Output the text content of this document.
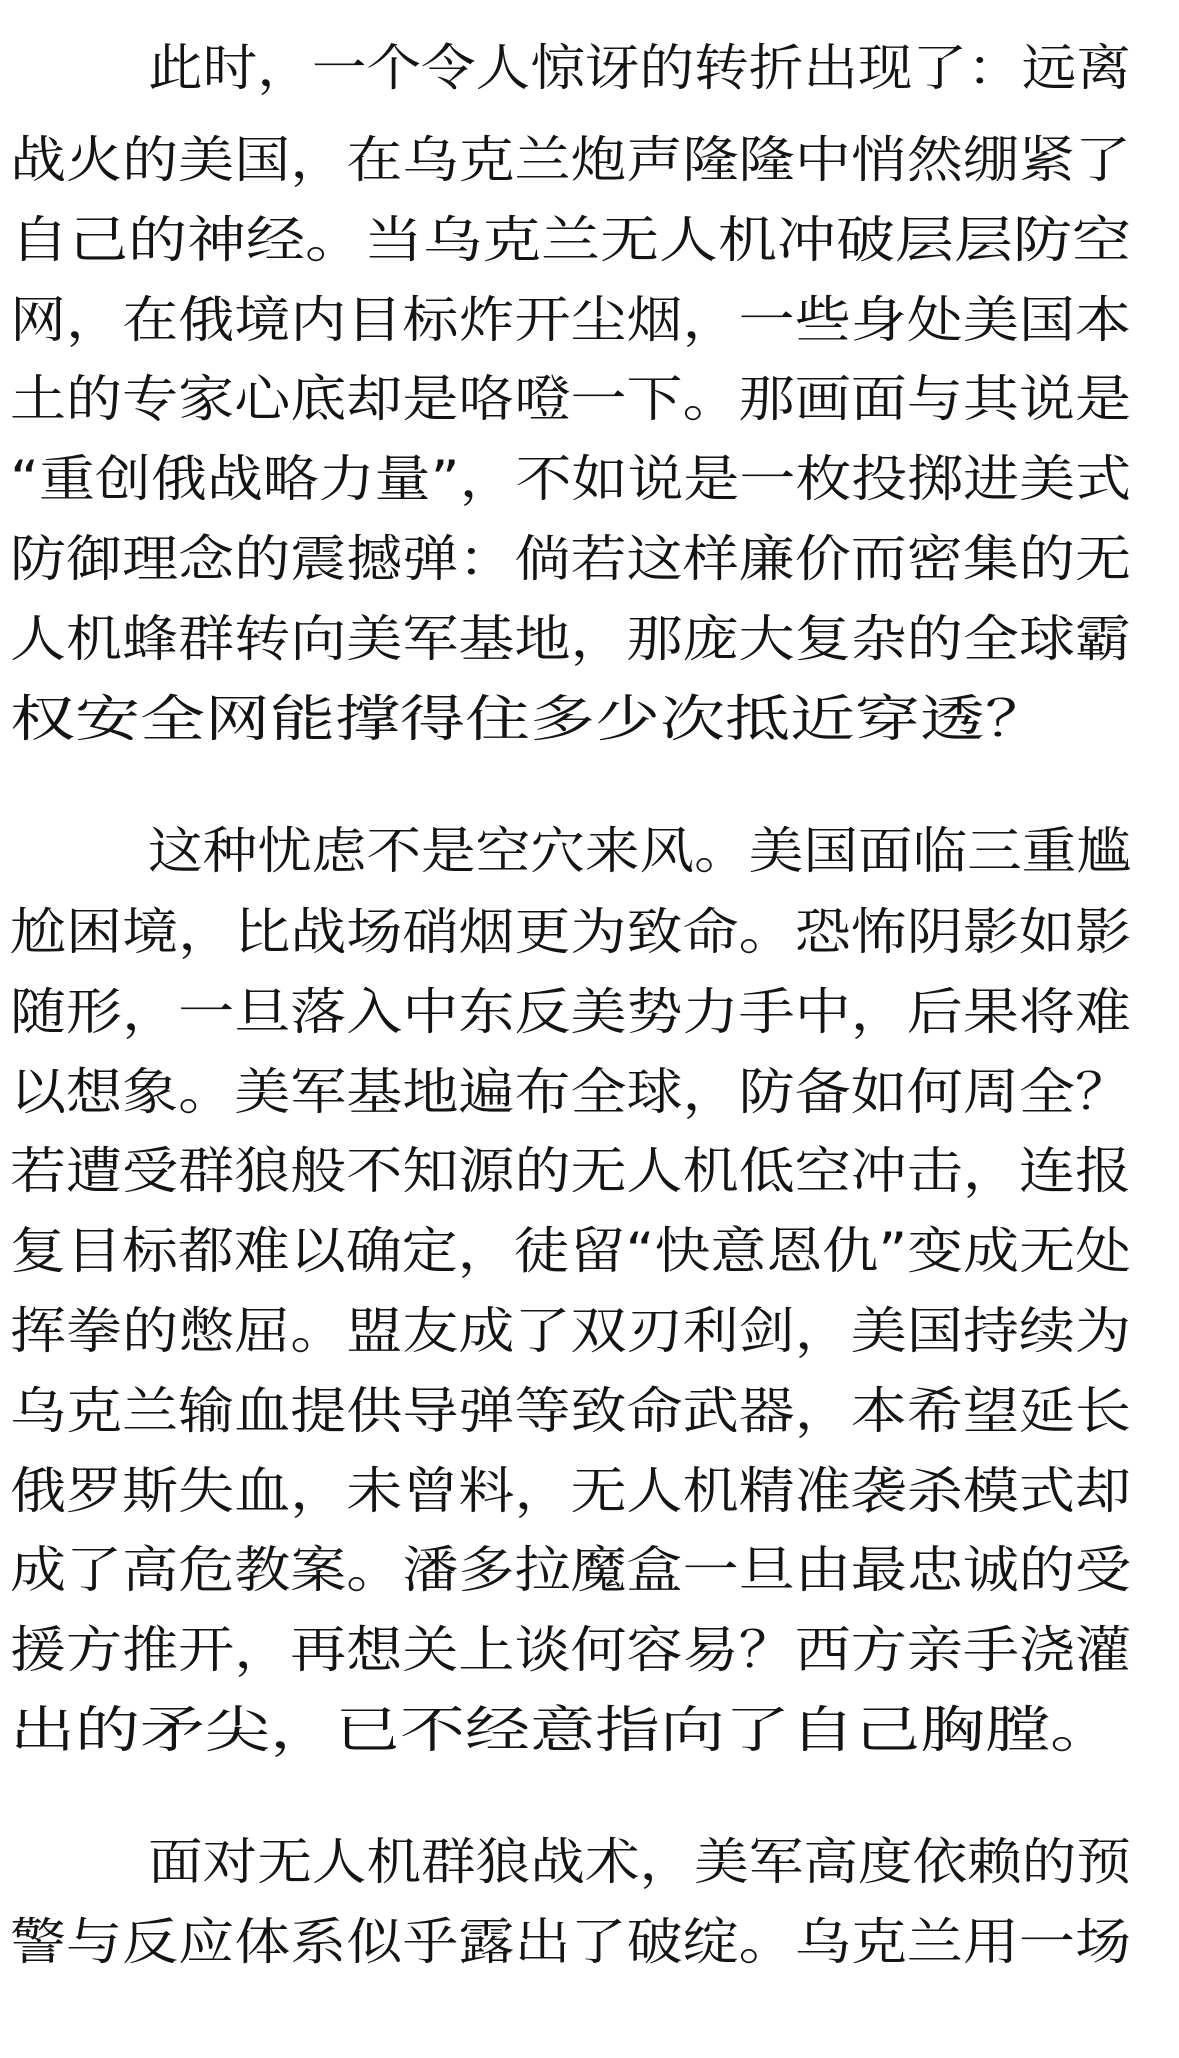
此时，一个令人惊讶的转折出现了：远离

战火的美国，在乌克兰炮声隆隆中悄然绷紧了

自己的神经。当乌克兰无人机冲破层层防空

网，在俄境内目标炸开尘烟，一些身处美国本

土的专家心底却是咯噔一下。那画面与其说是

“重创俄战略力量”，不如说是一枚投掷进美式

防御理念的震撼弹：倘若这样廉价而密集的无

人机蜂群转向美军基地，那庞大复杂的全球霸

权安全网能撑得住多少次抵近穿透？

这种忧虑不是空穴来风。美国面临三重尴

尬困境，比战场硝烟更为致命。恐怖阴影如影

随形，一旦落入中东反美势力手中，后果将难

以想象。美军基地遍布全球，防备如何周全？

若遭受群狼般不知源的无人机低空冲击，连报

复目标都难以确定，徒留“快意恩仇”变成无处

挥拳的憋屈。盟友成了双刃利剑，美国持续为

乌克兰输血提供导弹等致命武器，本希望延长

俄罗斯失血，未曾料，无人机精准袭杀模式却

成了高危教案。潘多拉魔盒一旦由最忠诚的受

援方推开，再想关上谈何容易？西方亲手浇灌

出的矛尖，已不经意指向了自己胸膛。

面对无人机群狼战术，美军高度依赖的预

警与反应体系似乎露出了破绽。乌克兰用一场
